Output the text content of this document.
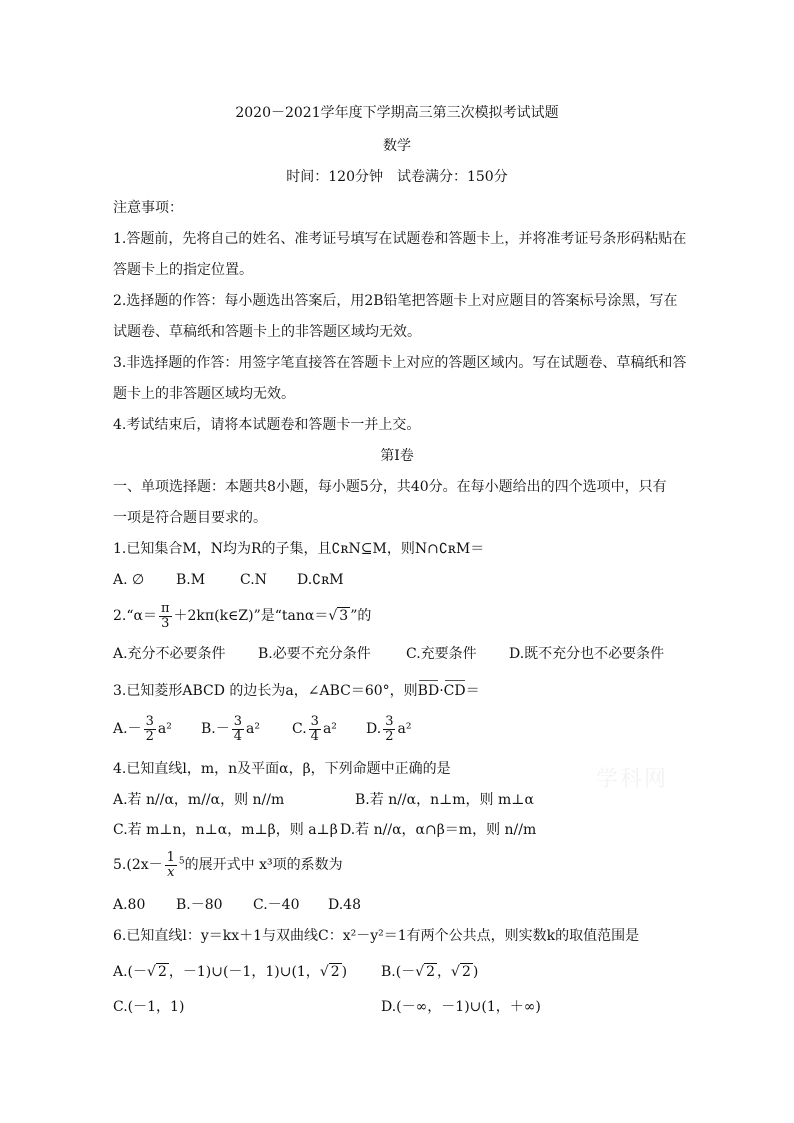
2020－2021学年度下学期高三第三次模拟考试试题
数学
时间：120分钟　试卷满分：150分
注意事项：
1.答题前，先将自己的姓名、准考证号填写在试题卷和答题卡上，并将准考证号条形码粘贴在
答题卡上的指定位置。
2.选择题的作答：每小题选出答案后，用2B铅笔把答题卡上对应题目的答案标号涂黑，写在
试题卷、草稿纸和答题卡上的非答题区域均无效。
3.非选择题的作答：用签字笔直接答在答题卡上对应的答题区域内。写在试题卷、草稿纸和答
题卡上的非答题区域均无效。
4.考试结束后，请将本试题卷和答题卡一并上交。
第Ⅰ卷
一、单项选择题：本题共8小题，每小题5分，共40分。在每小题给出的四个选项中，只有
一项是符合题目要求的。
1.已知集合M，N均为R的子集，且∁ʀN⊆M，则N∩∁ʀM＝
A. ∅ B.M C.N D.∁ʀM
2.“α＝ $\frac{\pi}{3}$ ＋2kπ(k∈Z)”是“tanα＝√ 3 ”的
A.充分不必要条件 B.必要不充分条件	C.充要条件 D.既不充分也不必要条件
3.已知菱形ABCD 的边长为a，∠ABC＝60°，则BD·CD＝
$A.- \frac{3}{2} a^2$ $B.- \frac{3}{4} a^2$ C. $\frac{3}{4} a^2$ D. $\frac{3}{2} a^2$
4.已知直线l，m，n及平面α，β，下列命题中正确的是
A.若 n//α，m//α，则 n//m	B.若 n//α，n⊥m，则 m⊥α
C.若 m⊥n，n⊥α，m⊥β，则 a⊥β D.若 n//α，α∩β＝m，则 n//m
$5.(2x- \frac{1}{x} ^5$的展开式中 x³项的系数为
A.80 B.－80 C.－40 D.48
6.已知直线l：y＝kx＋1与双曲线C：x²－y²＝1有两个公共点，则实数k的取值范围是
A.(－√ 2 ，－1)∪(－1，1)∪(1，√ 2 ) B.(－√ 2 ，√ 2 )
C.(－1，1)	D.(－∞，－1)∪(1，＋∞)
学科网
